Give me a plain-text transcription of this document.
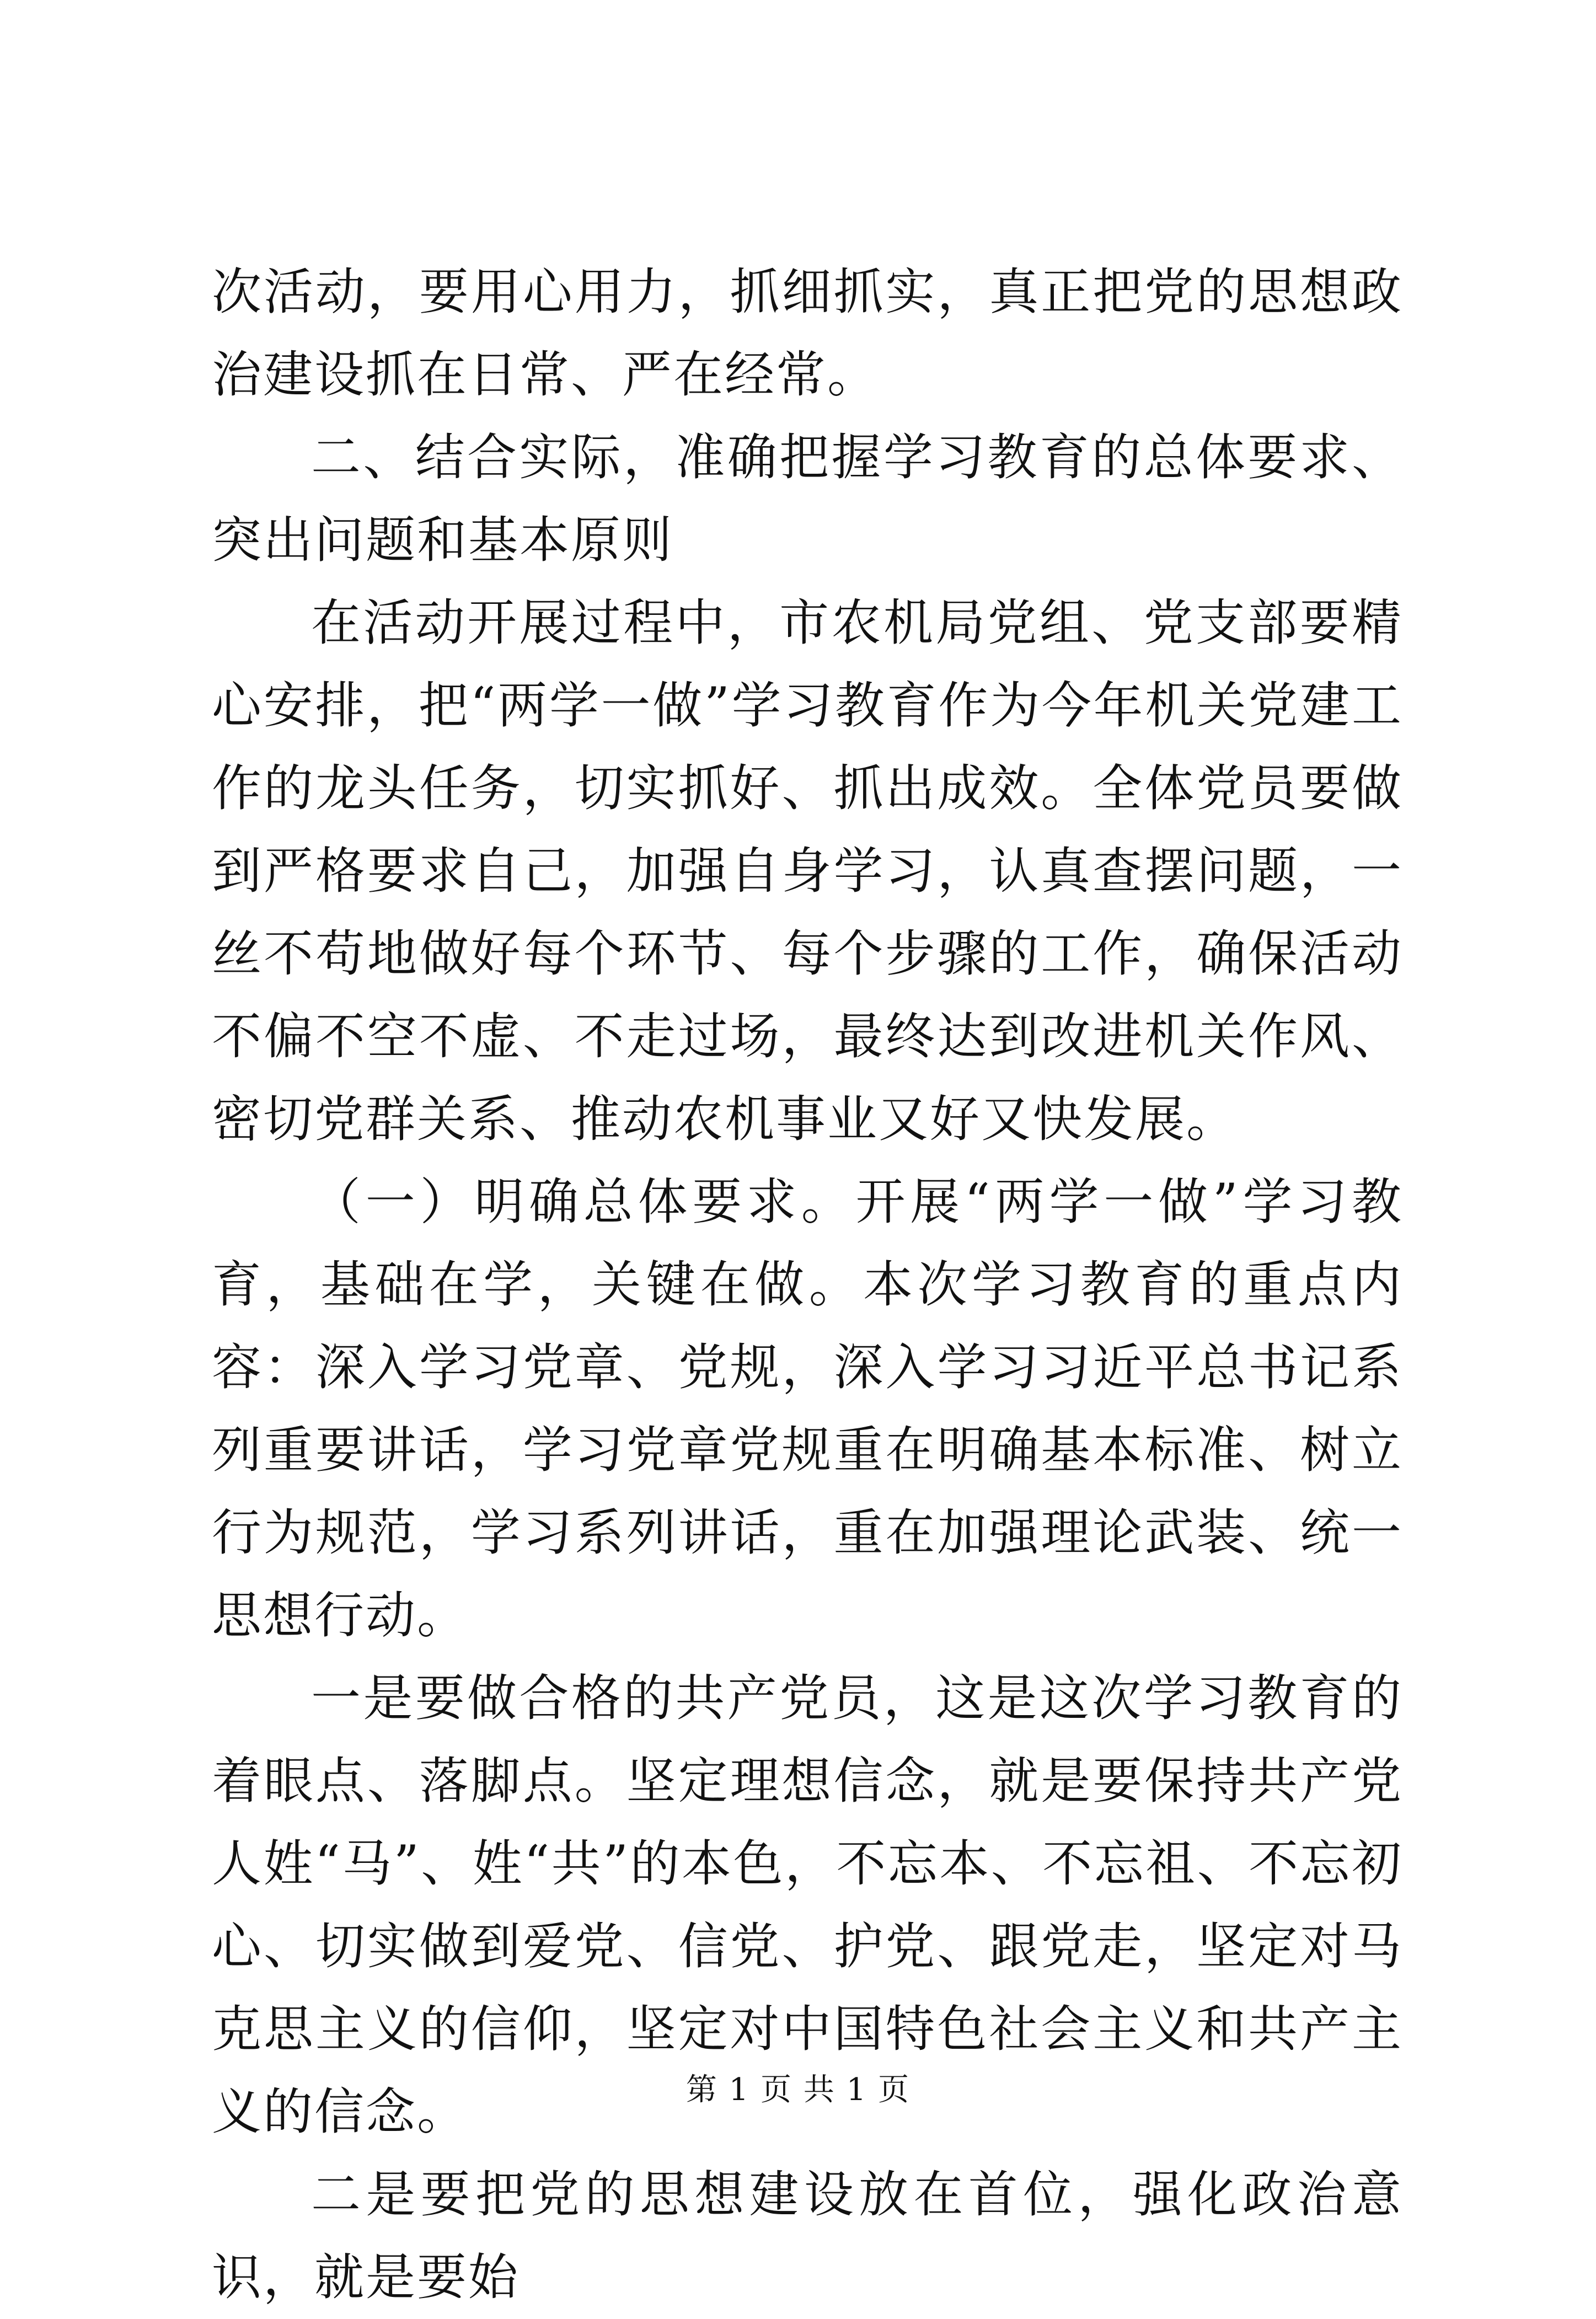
次活动，要用心用力，抓细抓实，真正把党的思想政治建设抓在日常、严在经常。

二、结合实际，准确把握学习教育的总体要求、突出问题和基本原则

在活动开展过程中，市农机局党组、党支部要精心安排，把“两学一做”学习教育作为今年机关党建工作的龙头任务，切实抓好、抓出成效。全体党员要做到严格要求自己，加强自身学习，认真查摆问题，一丝不苟地做好每个环节、每个步骤的工作，确保活动不偏不空不虚、不走过场，最终达到改进机关作风、密切党群关系、推动农机事业又好又快发展。

（一）明确总体要求。开展“两学一做”学习教育，基础在学，关键在做。本次学习教育的重点内容：深入学习党章、党规，深入学习习近平总书记系列重要讲话，学习党章党规重在明确基本标准、树立行为规范，学习系列讲话，重在加强理论武装、统一思想行动。

一是要做合格的共产党员，这是这次学习教育的着眼点、落脚点。坚定理想信念，就是要保持共产党人姓“马”、姓“共”的本色，不忘本、不忘祖、不忘初心、切实做到爱党、信党、护党、跟党走，坚定对马克思主义的信仰，坚定对中国特色社会主义和共产主义的信念。

二是要把党的思想建设放在首位，强化政治意识，就是要始

第 1 页 共 1 页
